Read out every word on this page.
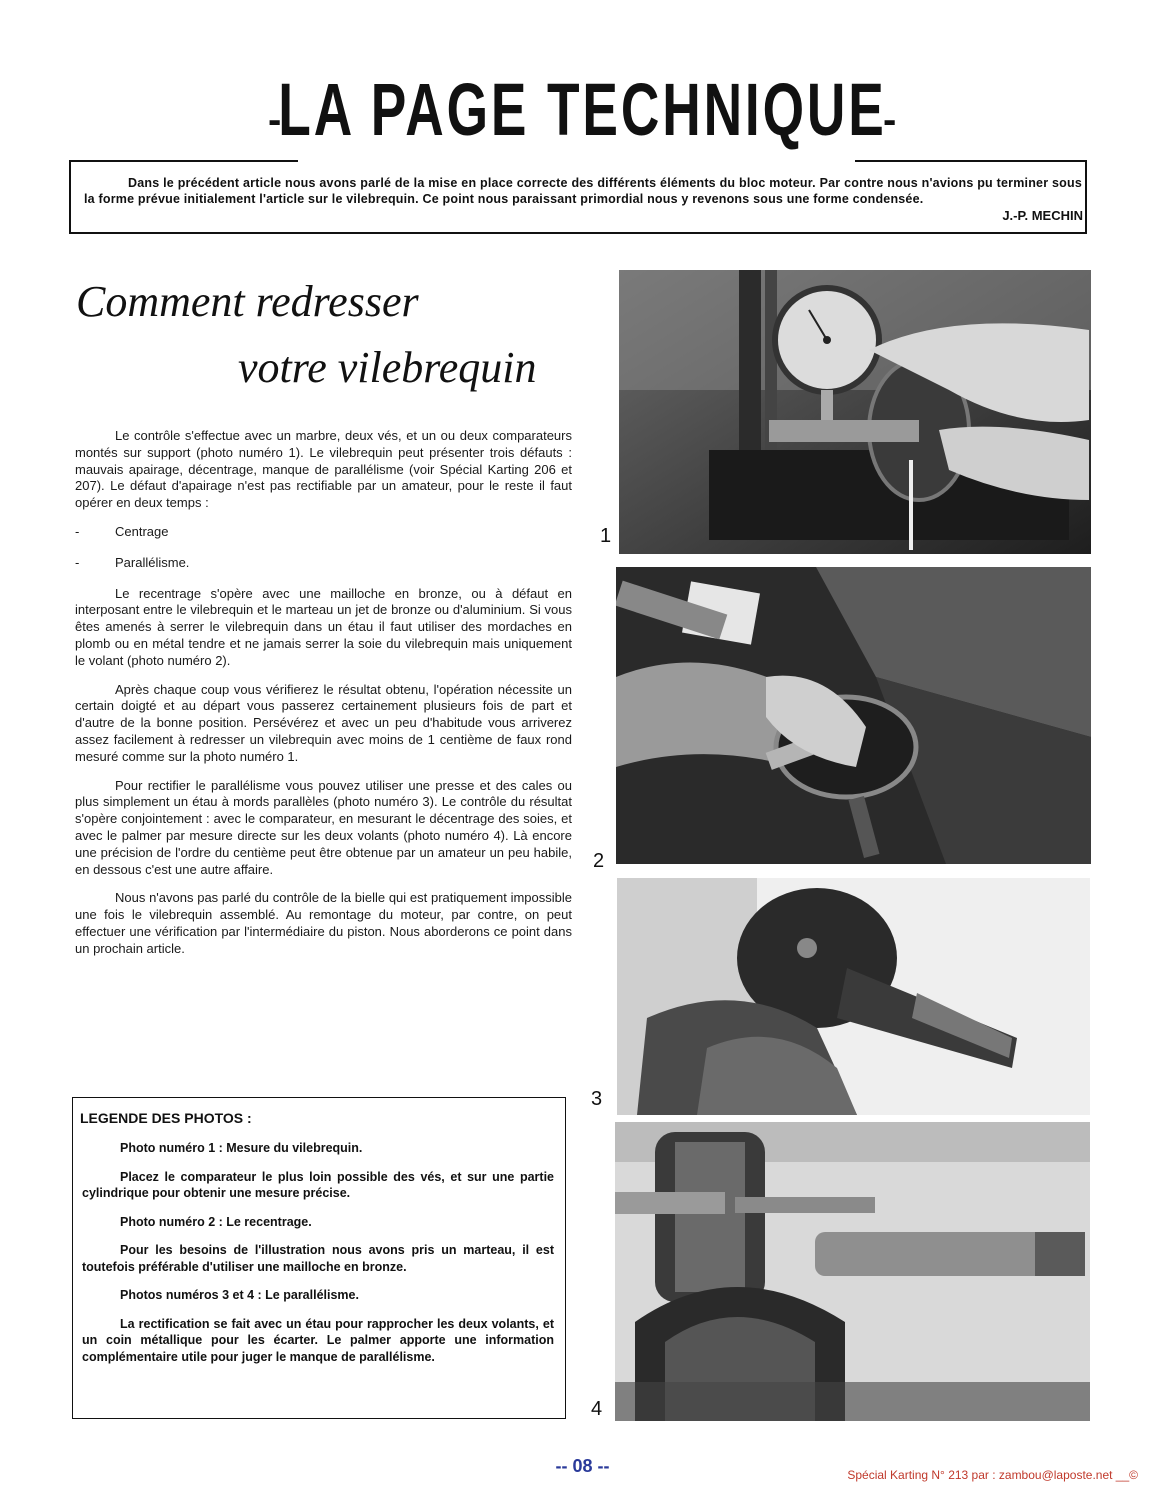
-
LA PAGE TECHNIQUE
-
Dans le précédent article nous avons parlé de la mise en place correcte des différents éléments du bloc moteur. Par contre nous n'avions pu terminer sous la forme prévue initialement l'article sur le vilebrequin. Ce point nous paraissant primordial nous y revenons sous une forme condensée.
J.-P. MECHIN
Comment redresser
votre vilebrequin

Le contrôle s'effectue avec un marbre, deux vés, et un ou deux comparateurs montés sur support (photo numéro 1). Le vilebrequin peut présenter trois défauts : mauvais apairage, décentrage, manque de parallélisme (voir Spécial Karting 206 et 207). Le défaut d'apairage n'est pas rectifiable par un amateur, pour le reste il faut opérer en deux temps :

- Centrage

- Parallélisme.

Le recentrage s'opère avec une mailloche en bronze, ou à défaut en interposant entre le vilebrequin et le marteau un jet de bronze ou d'aluminium. Si vous êtes amenés à serrer le vilebrequin dans un étau il faut utiliser des mordaches en plomb ou en métal tendre et ne jamais serrer la soie du vilebrequin mais uniquement le volant (photo numéro 2).

Après chaque coup vous vérifierez le résultat obtenu, l'opération nécessite un certain doigté et au départ vous passerez certainement plusieurs fois de part et d'autre de la bonne position. Persévérez et avec un peu d'habitude vous arriverez assez facilement à redresser un vilebrequin avec moins de 1 centième de faux rond mesuré comme sur la photo numéro 1.

Pour rectifier le parallélisme vous pouvez utiliser une presse et des cales ou plus simplement un étau à mords parallèles (photo numéro 3). Le contrôle du résultat s'opère conjointement : avec le comparateur, en mesurant le décentrage des soies, et avec le palmer par mesure directe sur les deux volants (photo numéro 4). Là encore une précision de l'ordre du centième peut être obtenue par un amateur un peu habile, en dessous c'est une autre affaire.

Nous n'avons pas parlé du contrôle de la bielle qui est pratiquement impossible une fois le vilebrequin assemblé. Au remontage du moteur, par contre, on peut effectuer une vérification par l'intermédiaire du piston. Nous aborderons ce point dans un prochain article.

LEGENDE DES PHOTOS :

Photo numéro 1 : Mesure du vilebrequin.

Placez le comparateur le plus loin possible des vés, et sur une partie cylindrique pour obtenir une mesure précise.

Photo numéro 2 : Le recentrage.

Pour les besoins de l'illustration nous avons pris un marteau, il est toutefois préférable d'utiliser une mailloche en bronze.

Photos numéros 3 et 4 : Le parallélisme.

La rectification se fait avec un étau pour rapprocher les deux volants, et un coin métallique pour les écarter. Le palmer apporte une information complémentaire utile pour juger le manque de parallélisme.

1
2
3
4
-- 08 --	Spécial Karting N° 213 par : zambou@laposte.net __©
